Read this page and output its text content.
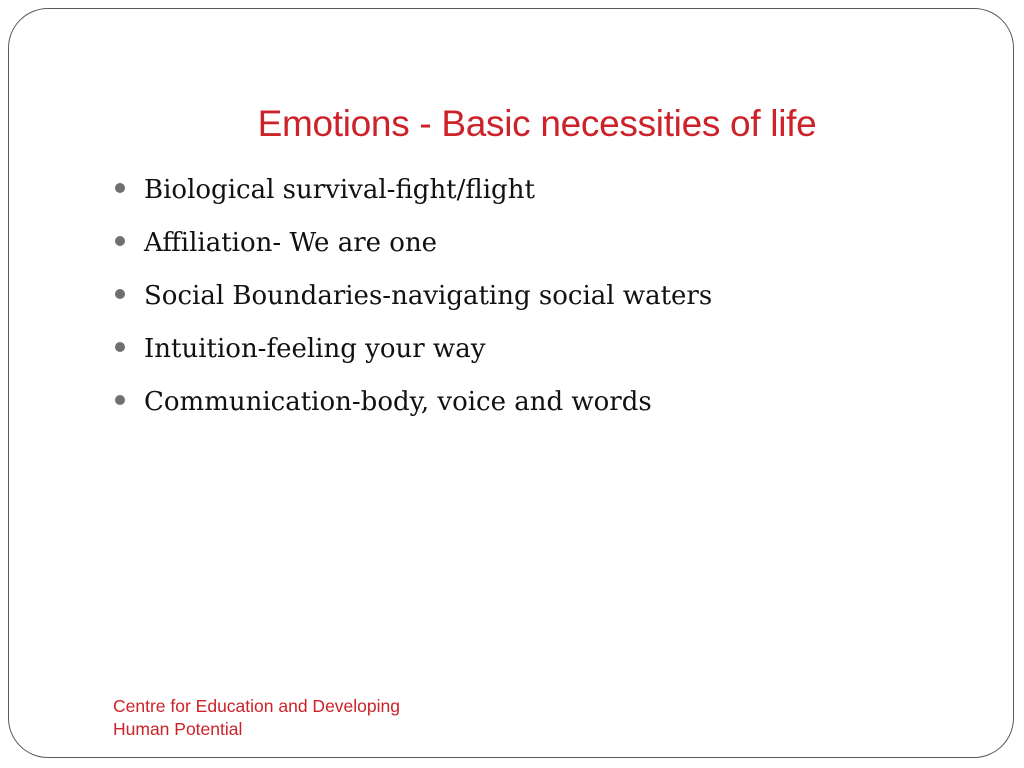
Emotions - Basic necessities of life
Biological survival-fight/flight
Affiliation- We are one
Social Boundaries-navigating social waters
Intuition-feeling your way
Communication-body, voice and words
Centre for Education and Developing
Human Potential
